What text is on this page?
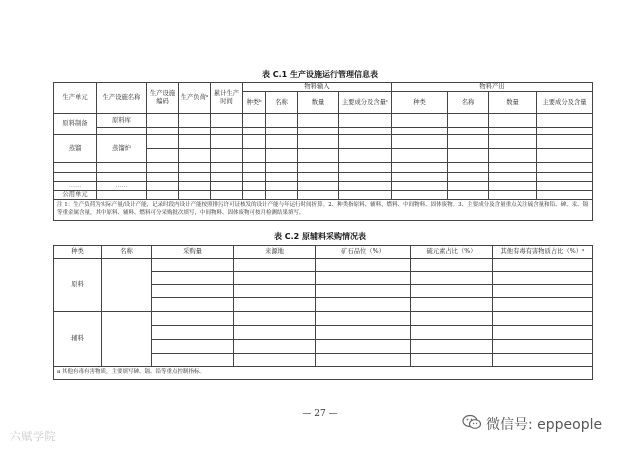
表 C.1 生产设施运行管理信息表
生产单元	生产设施名称	生产设施编码	生产负荷ᵃ	累计生产时间	物料输入				物料产出			
					种类ᵇ	名称	数量	主要成分及含量ᶜ	种类	名称	数量	主要成分及含量
原料制备	原料库											

蒸馏	蒸馏炉											

……	……											
公用单元												
注 1：生产负荷为实际产量/设计产能，记录时段内设计产能按照排污许可证核发的设计产能与年运行时间折算。2、种类指原料、辅料、燃料、中间物料、固体废物。3、主要成分及含量重点关注硫含量和铅、砷、汞、镉等重金属含量，其中原料、辅料、燃料可分采购批次填写，中间物料、固体废物可按月检测结果填写。												
表 C.2 原辅料采购情况表
种类	名称	采购量	来源地	矿石品位（%）	硫元素占比（%）	其他有毒有害物质占比（%）ᵃ
原料						

辅料						

a 其他有毒有害物质，主要填写砷、镉、铅等重点控制指标。						
— 27 —
六赋学院
微信号: eppeople
